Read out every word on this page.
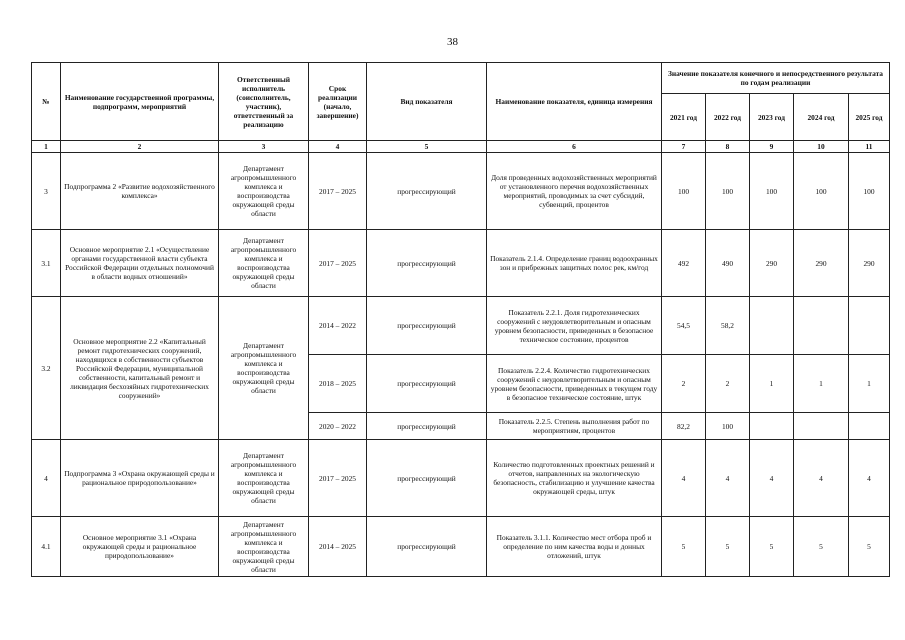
38
№	Наименование государственной программы, подпрограмм, мероприятий	Ответственный исполнитель (соисполнитель, участник), ответственный за реализацию	Срок реализации (начало, завершение)	Вид показателя	Наименование показателя, единица измерения	Значение показателя конечного и непосредственного результата по годам реализации				
						2021 год	2022 год	2023 год	2024 год	2025 год
1	2	3	4	5	6	7	8	9	10	11
3	Подпрограмма 2 «Развитие водохозяйственного комплекса»	Департамент агропромышленного комплекса и воспроизводства окружающей среды области	2017 – 2025	прогрессирующий	Доля проведенных водохозяйственных мероприятий от установленного перечня водохозяйственных мероприятий, проводимых за счет субсидий, субвенций, процентов	100	100	100	100	100
3.1	Основное мероприятие 2.1 «Осуществление органами государственной власти субъекта Российской Федерации отдельных полномочий в области водных отношений»	Департамент агропромышленного комплекса и воспроизводства окружающей среды области	2017 – 2025	прогрессирующий	Показатель 2.1.4. Определение границ водоохранных зон и прибрежных защитных полос рек, км/год	492	490	290	290	290
3.2	Основное мероприятие 2.2 «Капитальный ремонт гидротехнических сооружений, находящихся в собственности субъектов Российской Федерации, муниципальной собственности, капитальный ремонт и ликвидация бесхозяйных гидротехнических сооружений»	Департамент агропромышленного комплекса и воспроизводства окружающей среды области	2014 – 2022	прогрессирующий	Показатель 2.2.1. Доля гидротехнических сооружений с неудовлетворительным и опасным уровнем безопасности, приведенных в безопасное техническое состояние, процентов	54,5	58,2			
			2018 – 2025	прогрессирующий	Показатель 2.2.4. Количество гидротехнических сооружений с неудовлетворительным и опасным уровнем безопасности, приведенных в текущем году в безопасное техническое состояние, штук	2	2	1	1	1
			2020 – 2022	прогрессирующий	Показатель 2.2.5. Степень выполнения работ по мероприятиям, процентов	82,2	100			
4	Подпрограмма 3 «Охрана окружающей среды и рациональное природопользование»	Департамент агропромышленного комплекса и воспроизводства окружающей среды области	2017 – 2025	прогрессирующий	Количество подготовленных проектных решений и отчетов, направленных на экологическую безопасность, стабилизацию и улучшение качества окружающей среды, штук	4	4	4	4	4
4.1	Основное мероприятие 3.1 «Охрана окружающей среды и рациональное природопользование»	Департамент агропромышленного комплекса и воспроизводства окружающей среды области	2014 – 2025	прогрессирующий	Показатель 3.1.1. Количество мест отбора проб и определение по ним качества воды и донных отложений, штук	5	5	5	5	5
